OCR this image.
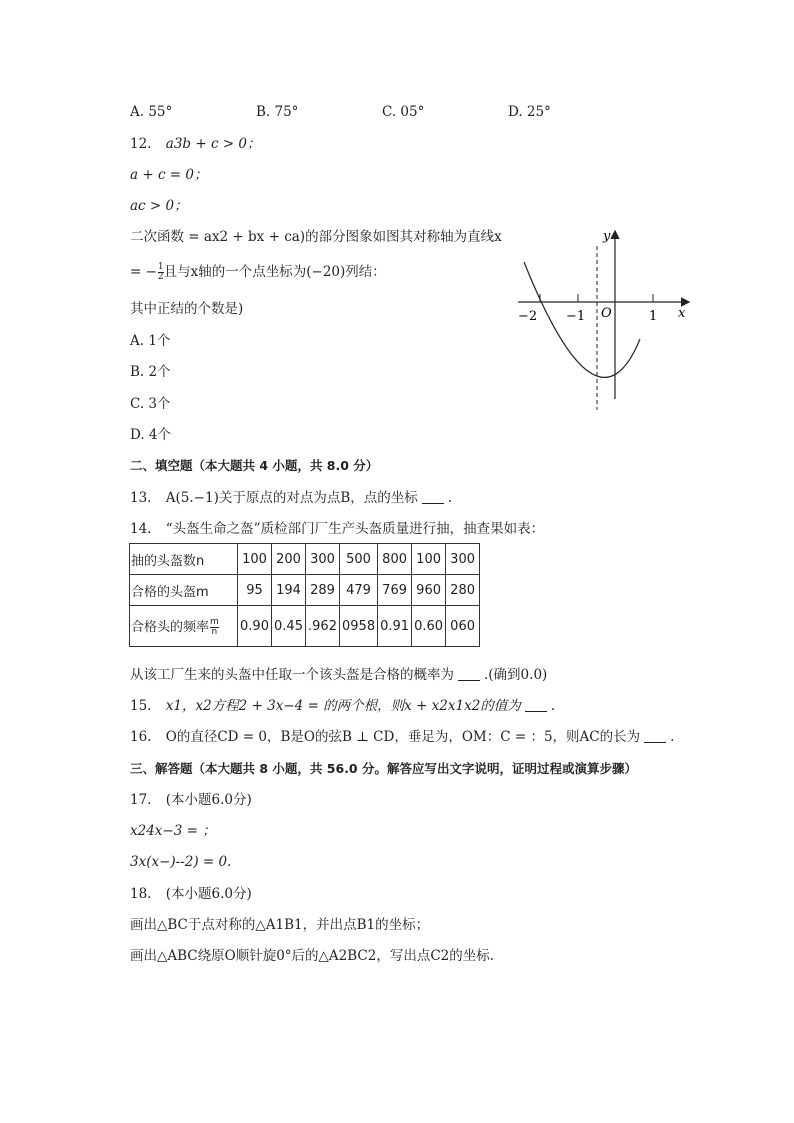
A. 55°	B. 75°	C. 05°	D. 25°
12. a3b + c > 0；
a + c = 0；
ac > 0；
二次函数 = ax2 + bx + ca)的部分图象如图其对称轴为直线x
= − $\frac{1}{2}$ 且与x轴的一个点坐标为(−20)列结：
其中正结的个数是)
A. 1个
B. 2个
C. 3个
D. 4个
y
x
O
−2 −1	1
二、填空题（本大题共 4 小题，共 8.0 分）
13. A(5.−1)关于原点的对点为点B，点的坐标 .
14. “头盔生命之盔”质检部门厂生产头盔质量进行抽，抽查果如表：
抽的头盔数n	100	200	300	500	800	100	300
合格的头盔m	95	194	289	479	769	960	280
合格头的频率 $\frac{m}{n}$	0.90	0.45	.962	0958	0.91	0.60	060
从该工厂生来的头盔中任取一个该头盔是合格的概率为 .(确到0.0)
15. x1，x2方程2 + 3x−4 = 的两个根，则x + x2x1x2的值为 .
16. O的直径CD = 0，B是O的弦B ⊥ CD，垂足为，OM：C = ：5，则AC的长为 .
三、解答题（本大题共 8 小题，共 56.0 分。解答应写出文字说明，证明过程或演算步骤）
17. (本小题6.0分)
x24x−3 = ；
3x(x−)--2) = 0.
18. (本小题6.0分)
画出△BC于点对称的△A1B1，并出点B1的坐标；
画出△ABC绕原O顺针旋0°后的△A2BC2，写出点C2的坐标.
